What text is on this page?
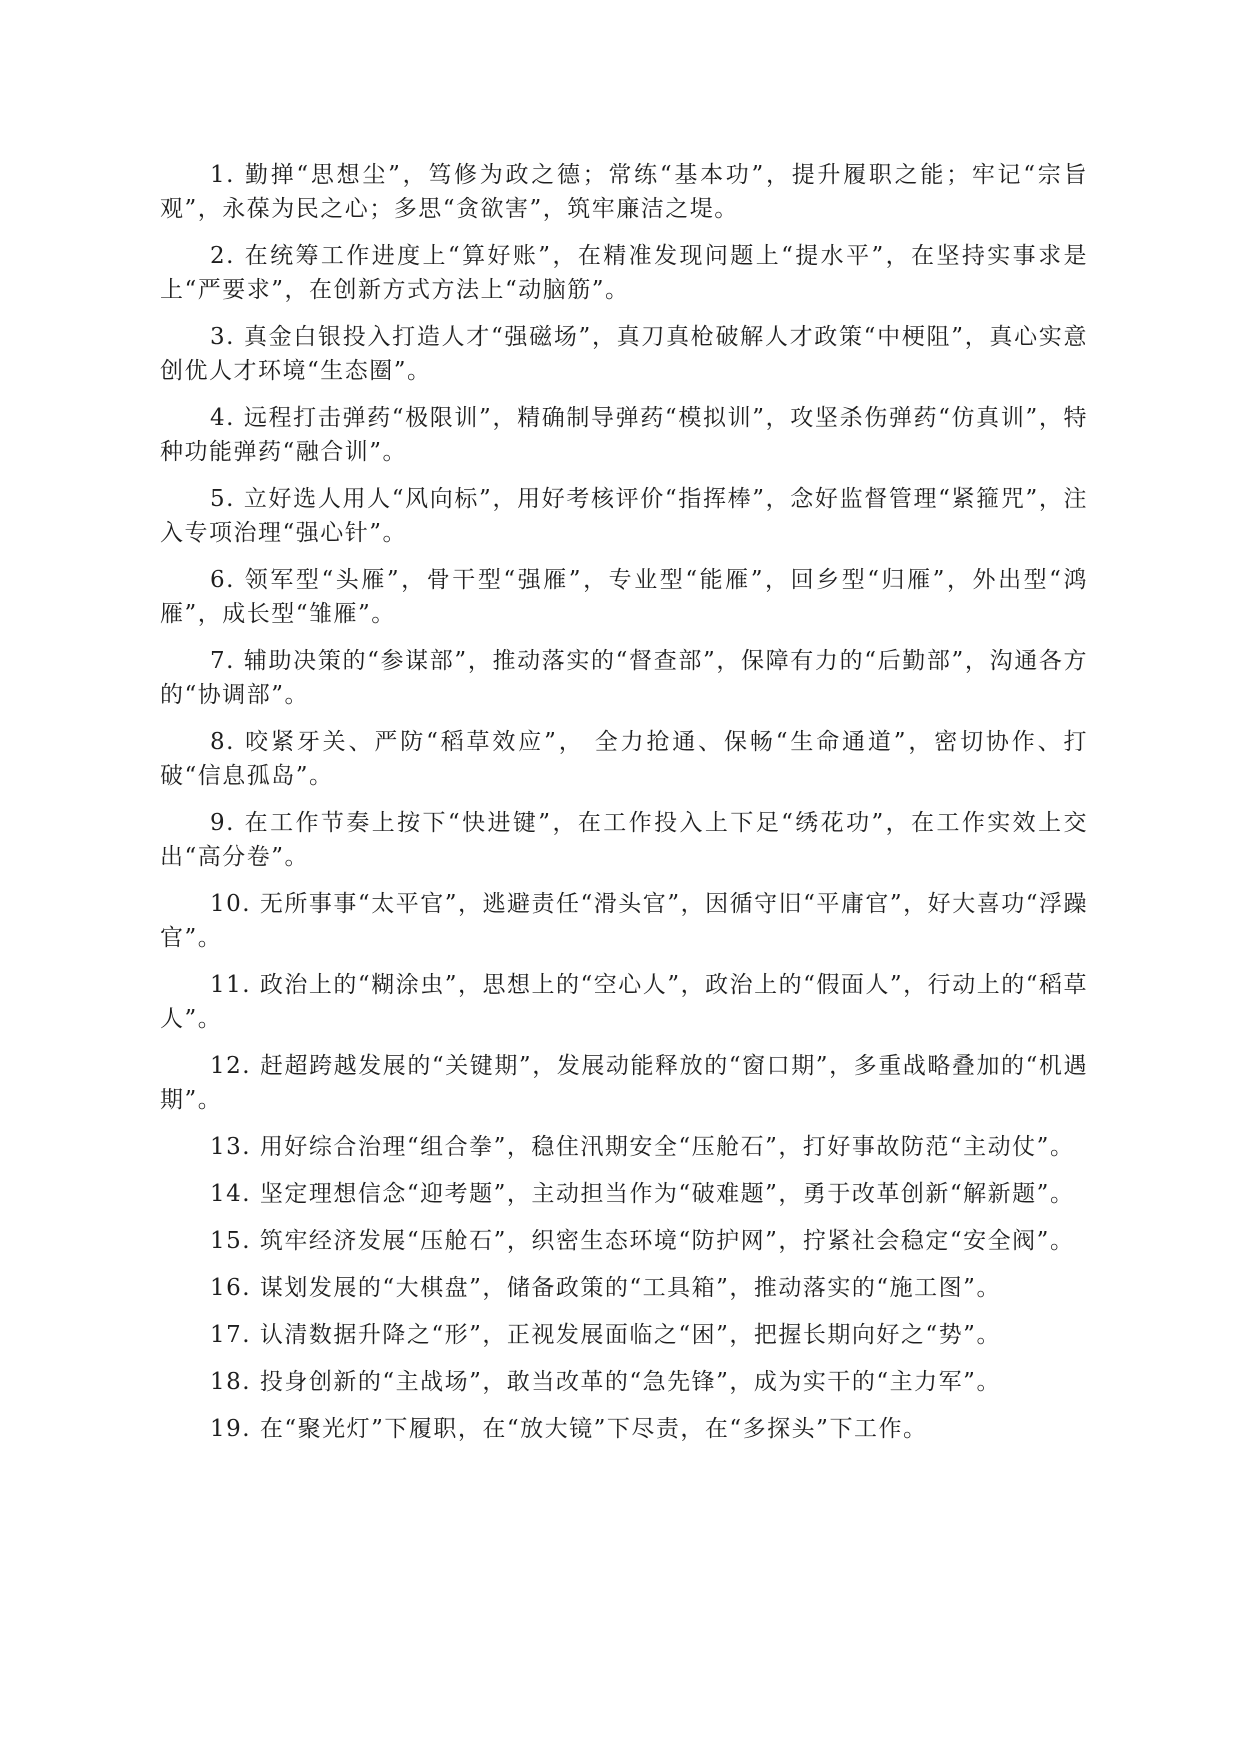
1. 勤掸“思想尘”，笃修为政之德；常练“基本功”，提升履职之能；牢记“宗旨观”，永葆为民之心；多思“贪欲害”，筑牢廉洁之堤。

2. 在统筹工作进度上“算好账”，在精准发现问题上“提水平”，在坚持实事求是上“严要求”，在创新方式方法上“动脑筋”。

3. 真金白银投入打造人才“强磁场”，真刀真枪破解人才政策“中梗阻”，真心实意创优人才环境“生态圈”。

4. 远程打击弹药“极限训”，精确制导弹药“模拟训”，攻坚杀伤弹药“仿真训”，特种功能弹药“融合训”。

5. 立好选人用人“风向标”，用好考核评价“指挥棒”，念好监督管理“紧箍咒”，注入专项治理“强心针”。

6. 领军型“头雁”，骨干型“强雁”，专业型“能雁”，回乡型“归雁”，外出型“鸿雁”，成长型“雏雁”。

7. 辅助决策的“参谋部”，推动落实的“督查部”，保障有力的“后勤部”，沟通各方的“协调部”。

8. 咬紧牙关、严防“稻草效应”， 全力抢通、保畅“生命通道”，密切协作、打破“信息孤岛”。

9. 在工作节奏上按下“快进键”，在工作投入上下足“绣花功”，在工作实效上交出“高分卷”。

10. 无所事事“太平官”，逃避责任“滑头官”，因循守旧“平庸官”，好大喜功“浮躁官”。

11. 政治上的“糊涂虫”，思想上的“空心人”，政治上的“假面人”，行动上的“稻草人”。

12. 赶超跨越发展的“关键期”，发展动能释放的“窗口期”，多重战略叠加的“机遇期”。

13. 用好综合治理“组合拳”，稳住汛期安全“压舱石”，打好事故防范“主动仗”。

14. 坚定理想信念“迎考题”，主动担当作为“破难题”，勇于改革创新“解新题”。

15. 筑牢经济发展“压舱石”，织密生态环境“防护网”，拧紧社会稳定“安全阀”。

16. 谋划发展的“大棋盘”，储备政策的“工具箱”，推动落实的“施工图”。

17. 认清数据升降之“形”，正视发展面临之“困”，把握长期向好之“势”。

18. 投身创新的“主战场”，敢当改革的“急先锋”，成为实干的“主力军”。

19. 在“聚光灯”下履职，在“放大镜”下尽责，在“多探头”下工作。
